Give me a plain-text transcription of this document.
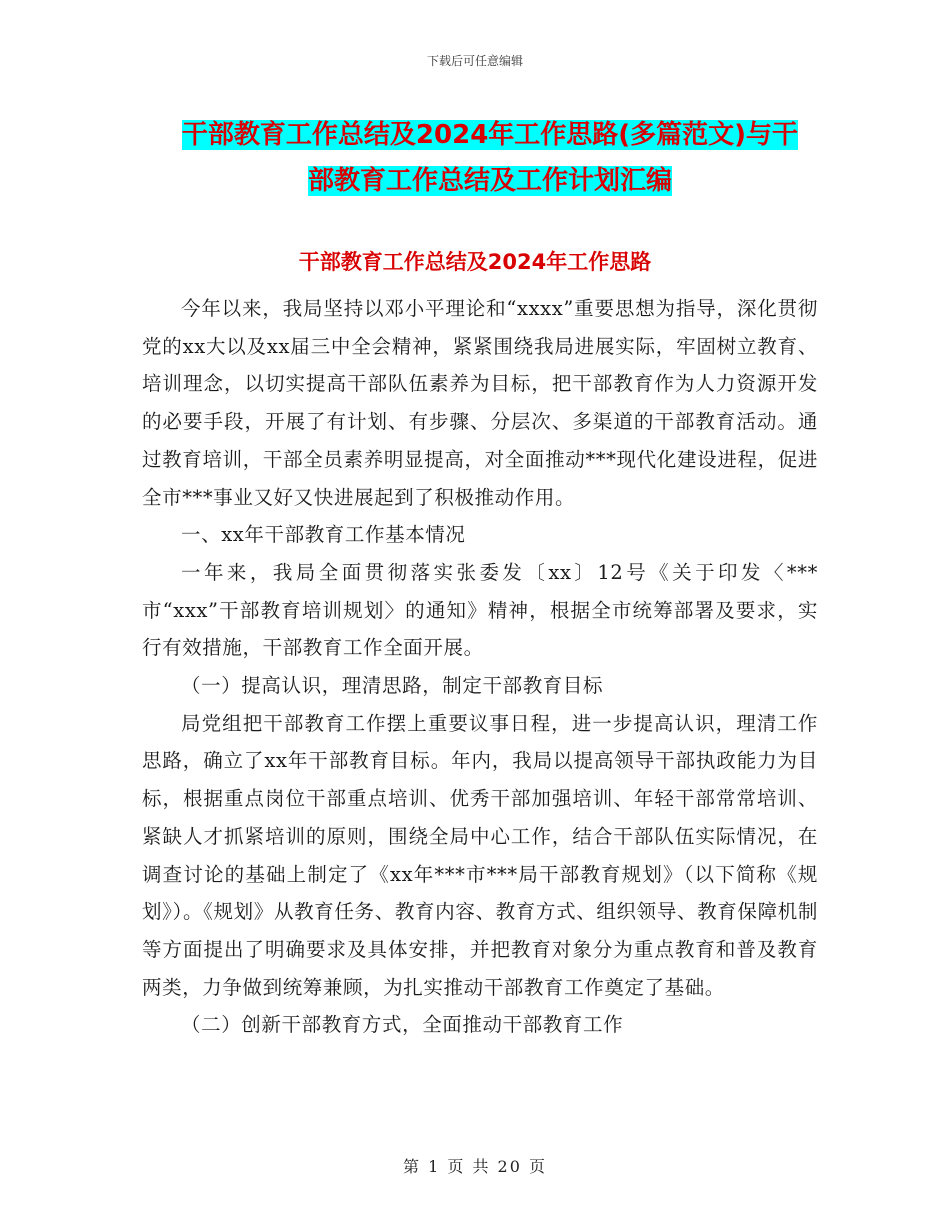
下载后可任意编辑
干部教育工作总结及2024年工作思路(多篇范文)与干
部教育工作总结及工作计划汇编
干部教育工作总结及2024年工作思路

今年以来，我局坚持以邓小平理论和“xxxx”重要思想为指导，深化贯彻党的xx大以及xx届三中全会精神，紧紧围绕我局进展实际，牢固树立教育、培训理念，以切实提高干部队伍素养为目标，把干部教育作为人力资源开发的必要手段，开展了有计划、有步骤、分层次、多渠道的干部教育活动。通过教育培训，干部全员素养明显提高，对全面推动***现代化建设进程，促进全市***事业又好又快进展起到了积极推动作用。

一、xx年干部教育工作基本情况

一年来，我局全面贯彻落实张委发〔xx〕12号《关于印发〈***市“xxx”干部教育培训规划〉的通知》精神，根据全市统筹部署及要求，实行有效措施，干部教育工作全面开展。

（一）提高认识，理清思路，制定干部教育目标

局党组把干部教育工作摆上重要议事日程，进一步提高认识，理清工作思路，确立了xx年干部教育目标。年内，我局以提高领导干部执政能力为目标，根据重点岗位干部重点培训、优秀干部加强培训、年轻干部常常培训、紧缺人才抓紧培训的原则，围绕全局中心工作，结合干部队伍实际情况，在调查讨论的基础上制定了《xx年***市***局干部教育规划》（以下简称《规划》）。《规划》从教育任务、教育内容、教育方式、组织领导、教育保障机制等方面提出了明确要求及具体安排，并把教育对象分为重点教育和普及教育两类，力争做到统筹兼顾，为扎实推动干部教育工作奠定了基础。

（二）创新干部教育方式，全面推动干部教育工作

第 1 页 共 20 页
